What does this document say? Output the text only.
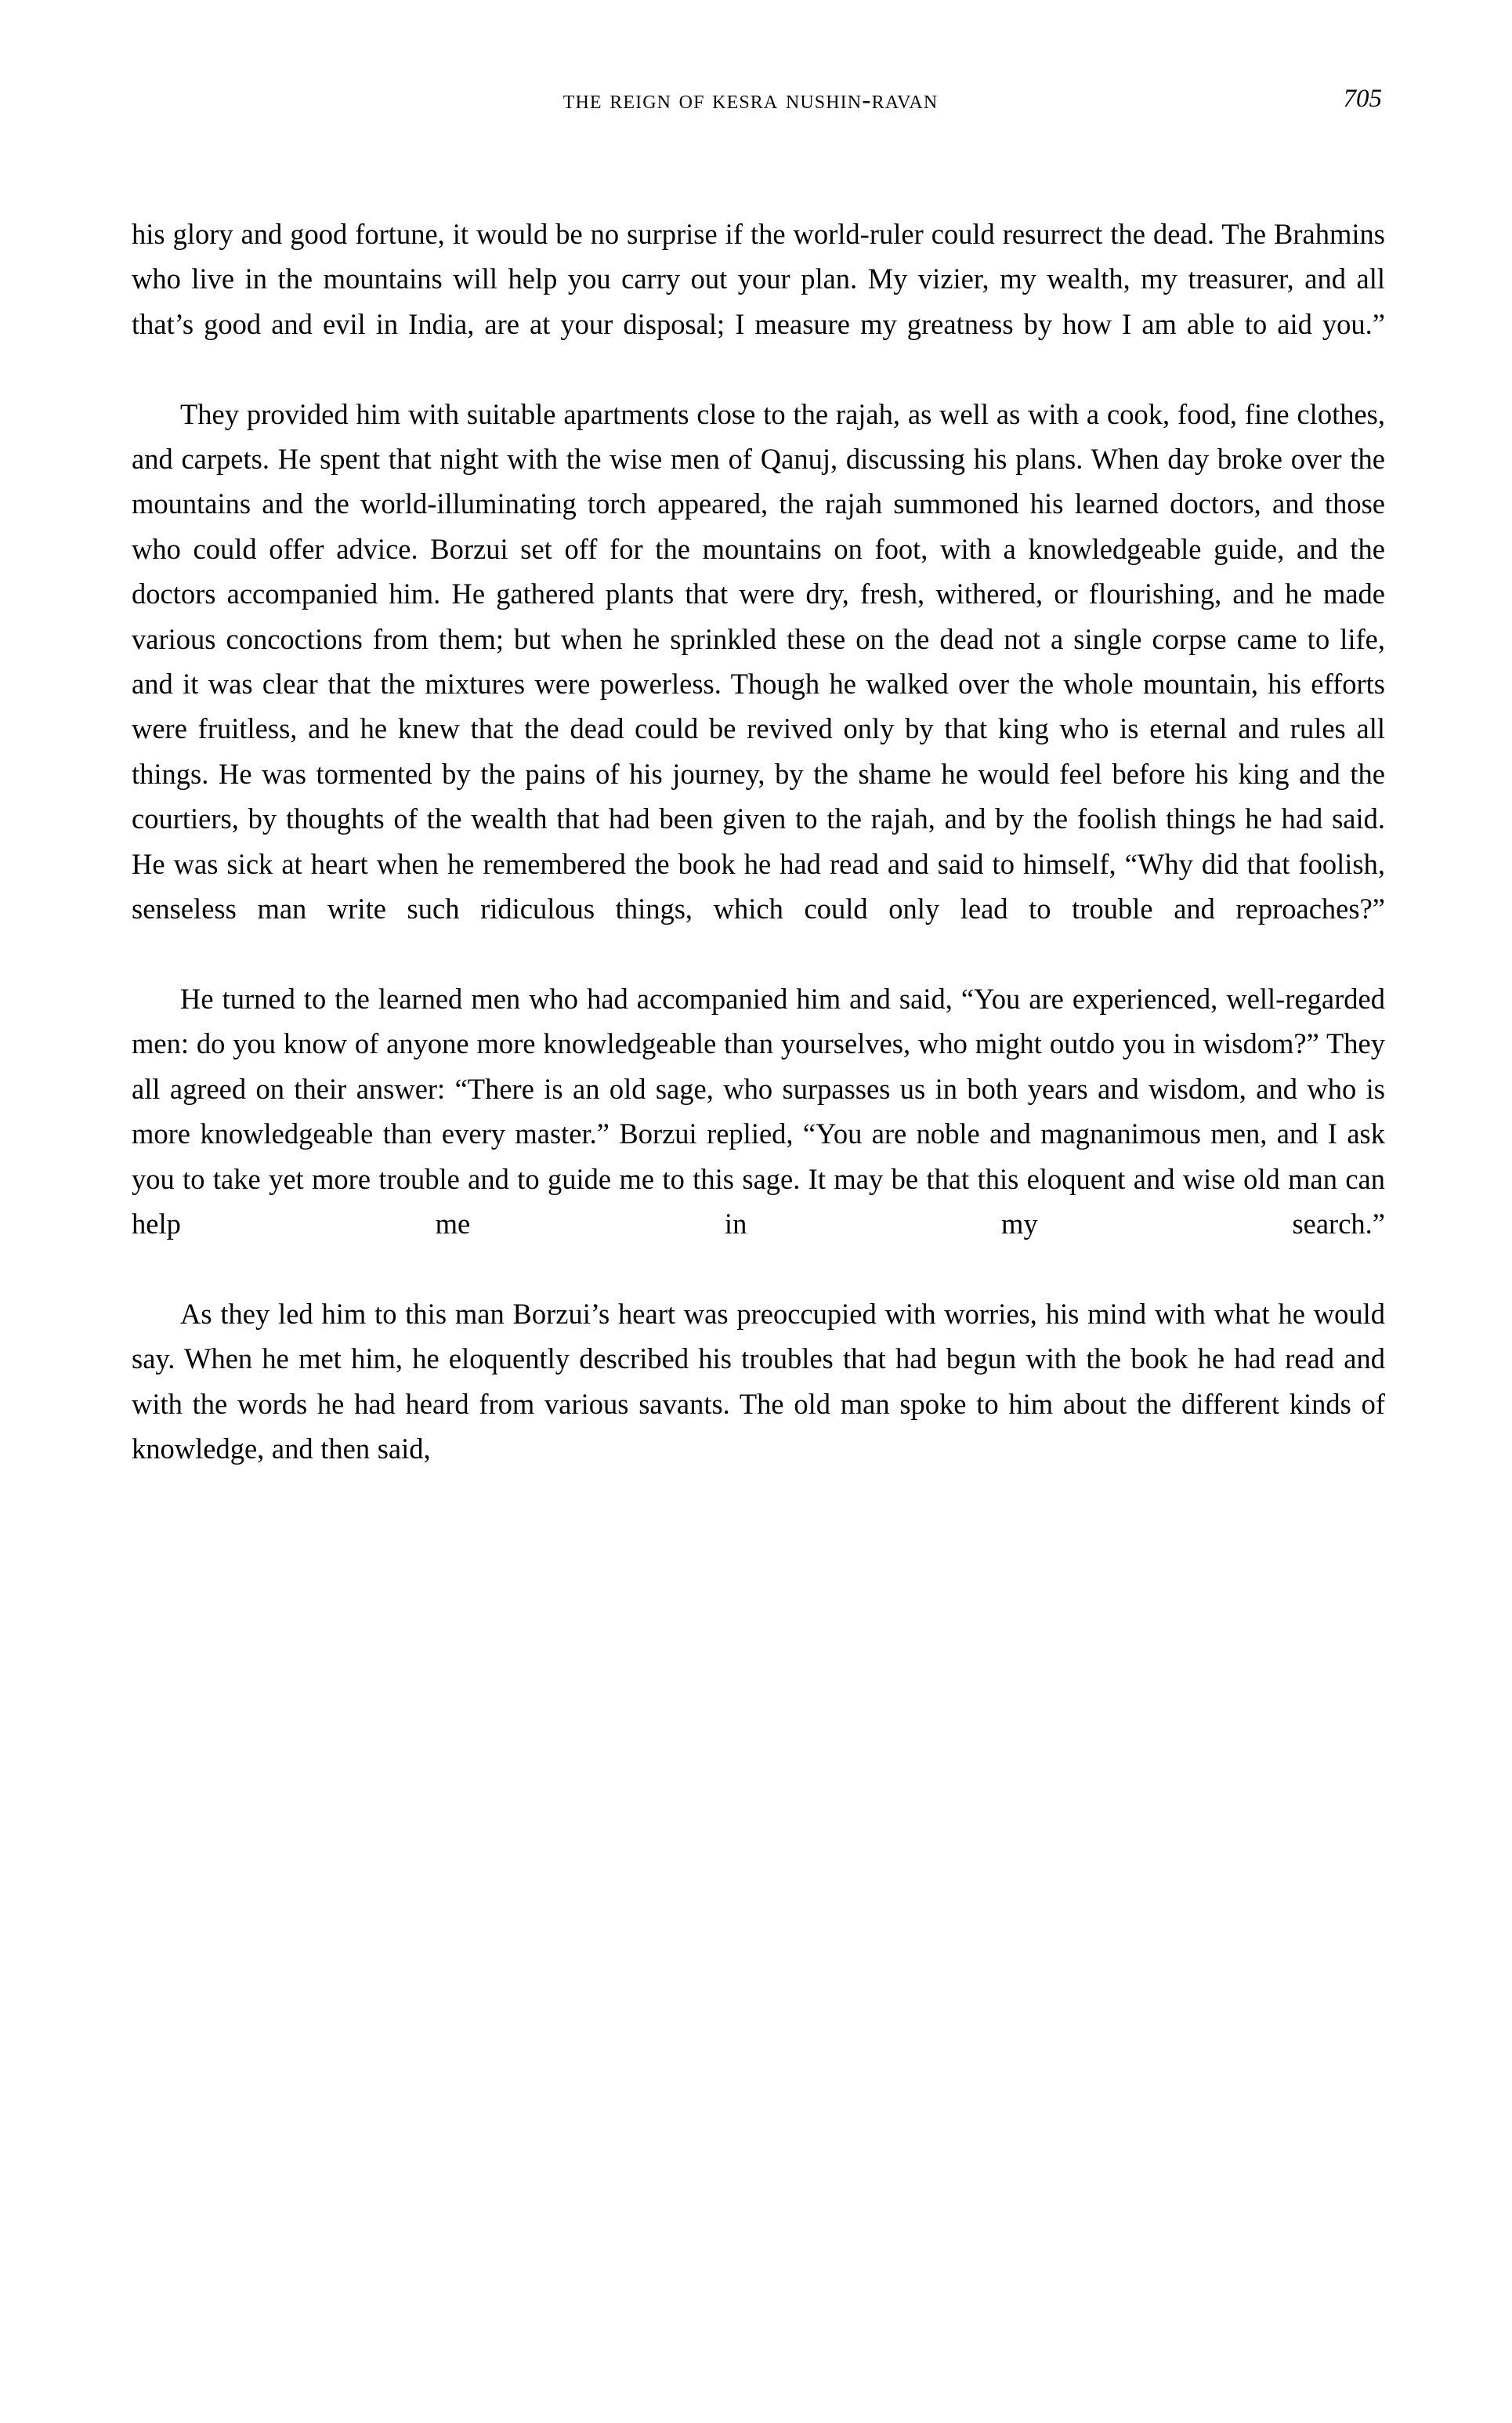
the reign of kesra nushin-ravan	705

his glory and good fortune, it would be no surprise if the world-ruler could resurrect the dead. The Brahmins who live in the mountains will help you carry out your plan. My vizier, my wealth, my treasurer, and all that’s good and evil in India, are at your disposal; I measure my greatness by how I am able to aid you.”

They provided him with suitable apartments close to the rajah, as well as with a cook, food, fine clothes, and carpets. He spent that night with the wise men of Qanuj, discussing his plans. When day broke over the mountains and the world-illuminating torch appeared, the rajah summoned his learned doctors, and those who could offer advice. Borzui set off for the mountains on foot, with a knowledgeable guide, and the doctors accompanied him. He gathered plants that were dry, fresh, withered, or flourishing, and he made various concoctions from them; but when he sprinkled these on the dead not a single corpse came to life, and it was clear that the mixtures were powerless. Though he walked over the whole mountain, his efforts were fruitless, and he knew that the dead could be revived only by that king who is eternal and rules all things. He was tormented by the pains of his journey, by the shame he would feel before his king and the courtiers, by thoughts of the wealth that had been given to the rajah, and by the foolish things he had said. He was sick at heart when he remembered the book he had read and said to himself, “Why did that foolish, senseless man write such ridiculous things, which could only lead to trouble and reproaches?”

He turned to the learned men who had accompanied him and said, “You are experienced, well-regarded men: do you know of anyone more knowledgeable than yourselves, who might outdo you in wisdom?” They all agreed on their answer: “There is an old sage, who surpasses us in both years and wisdom, and who is more knowledgeable than every master.” Borzui replied, “You are noble and magnanimous men, and I ask you to take yet more trouble and to guide me to this sage. It may be that this eloquent and wise old man can help me in my search.”

As they led him to this man Borzui’s heart was preoccupied with worries, his mind with what he would say. When he met him, he eloquently described his troubles that had begun with the book he had read and with the words he had heard from various savants. The old man spoke to him about the different kinds of knowledge, and then said,
